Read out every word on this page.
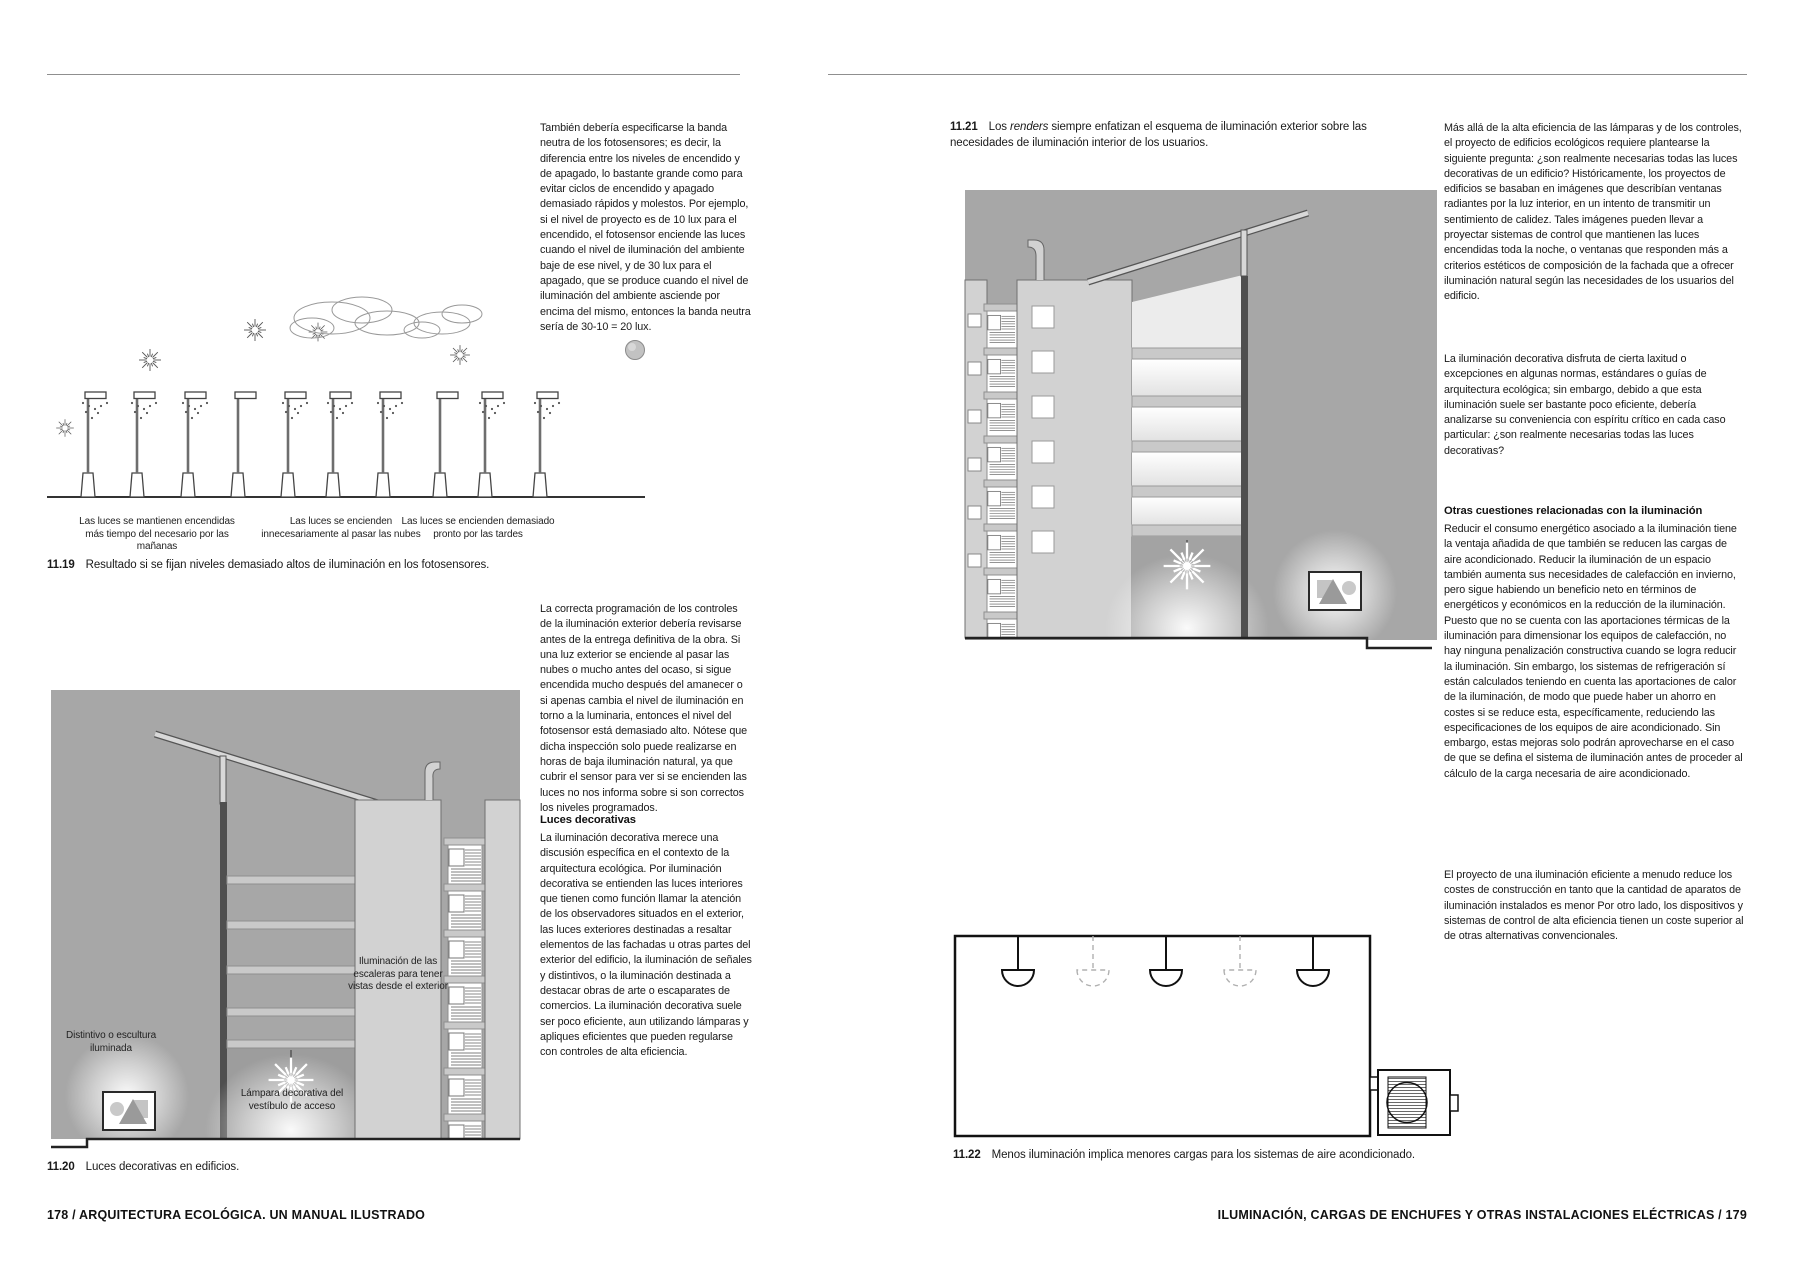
También debería especificarse la banda neutra de los fotosensores; es decir, la diferencia entre los niveles de encendido y de apagado, lo bastante grande como para evitar ciclos de encendido y apagado demasiado rápidos y molestos. Por ejemplo, si el nivel de proyecto es de 10 lux para el encendido, el fotosensor enciende las luces cuando el nivel de iluminación del ambiente baje de ese nivel, y de 30 lux para el apagado, que se produce cuando el nivel de iluminación del ambiente asciende por encima del mismo, entonces la banda neutra sería de 30-10 = 20 lux.
Las luces se mantienen encendidas más tiempo del necesario por las mañanas
Las luces se encienden innecesariamente al pasar las nubes
Las luces se encienden demasiado pronto por las tardes
11.19 Resultado si se fijan niveles demasiado altos de iluminación en los fotosensores.
La correcta programación de los controles de la iluminación exterior debería revisarse antes de la entrega definitiva de la obra. Si una luz exterior se enciende al pasar las nubes o mucho antes del ocaso, si sigue encendida mucho después del amanecer o si apenas cambia el nivel de iluminación en torno a la luminaria, entonces el nivel del fotosensor está demasiado alto. Nótese que dicha inspección solo puede realizarse en horas de baja iluminación natural, ya que cubrir el sensor para ver si se encienden las luces no nos informa sobre si son correctos los niveles programados.
Luces decorativas
La iluminación decorativa merece una discusión específica en el contexto de la arquitectura ecológica. Por iluminación decorativa se entienden las luces interiores que tienen como función llamar la atención de los observadores situados en el exterior, las luces exteriores destinadas a resaltar elementos de las fachadas u otras partes del exterior del edificio, la iluminación de señales y distintivos, o la iluminación destinada a destacar obras de arte o escaparates de comercios. La iluminación decorativa suele ser poco eficiente, aun utilizando lámparas y apliques eficientes que pueden regularse con controles de alta eficiencia.
Distintivo o escultura iluminada
Lámpara decorativa del vestíbulo de acceso
Iluminación de las escaleras para tener vistas desde el exterior
11.20 Luces decorativas en edificios.
178 / ARQUITECTURA ECOLÓGICA. UN MANUAL ILUSTRADO
11.21 Los renders siempre enfatizan el esquema de iluminación exterior sobre las necesidades de iluminación interior de los usuarios.
Más allá de la alta eficiencia de las lámparas y de los controles, el proyecto de edificios ecológicos requiere plantearse la siguiente pregunta: ¿son realmente necesarias todas las luces decorativas de un edificio? Históricamente, los proyectos de edificios se basaban en imágenes que describían ventanas radiantes por la luz interior, en un intento de transmitir un sentimiento de calidez. Tales imágenes pueden llevar a proyectar sistemas de control que mantienen las luces encendidas toda la noche, o ventanas que responden más a criterios estéticos de composición de la fachada que a ofrecer iluminación natural según las necesidades de los usuarios del edificio.
La iluminación decorativa disfruta de cierta laxitud o excepciones en algunas normas, estándares o guías de arquitectura ecológica; sin embargo, debido a que esta iluminación suele ser bastante poco eficiente, debería analizarse su conveniencia con espíritu crítico en cada caso particular: ¿son realmente necesarias todas las luces decorativas?
Otras cuestiones relacionadas con la iluminación
Reducir el consumo energético asociado a la iluminación tiene la ventaja añadida de que también se reducen las cargas de aire acondicionado. Reducir la iluminación de un espacio también aumenta sus necesidades de calefacción en invierno, pero sigue habiendo un beneficio neto en términos de energéticos y económicos en la reducción de la iluminación. Puesto que no se cuenta con las aportaciones térmicas de la iluminación para dimensionar los equipos de calefacción, no hay ninguna penalización constructiva cuando se logra reducir la iluminación. Sin embargo, los sistemas de refrigeración sí están calculados teniendo en cuenta las aportaciones de calor de la iluminación, de modo que puede haber un ahorro en costes si se reduce esta, específicamente, reduciendo las especificaciones de los equipos de aire acondicionado. Sin embargo, estas mejoras solo podrán aprovecharse en el caso de que se defina el sistema de iluminación antes de proceder al cálculo de la carga necesaria de aire acondicionado.
El proyecto de una iluminación eficiente a menudo reduce los costes de construcción en tanto que la cantidad de aparatos de iluminación instalados es menor Por otro lado, los dispositivos y sistemas de control de alta eficiencia tienen un coste superior al de otras alternativas convencionales.
11.22 Menos iluminación implica menores cargas para los sistemas de aire acondicionado.
ILUMINACIÓN, CARGAS DE ENCHUFES Y OTRAS INSTALACIONES ELÉCTRICAS / 179
